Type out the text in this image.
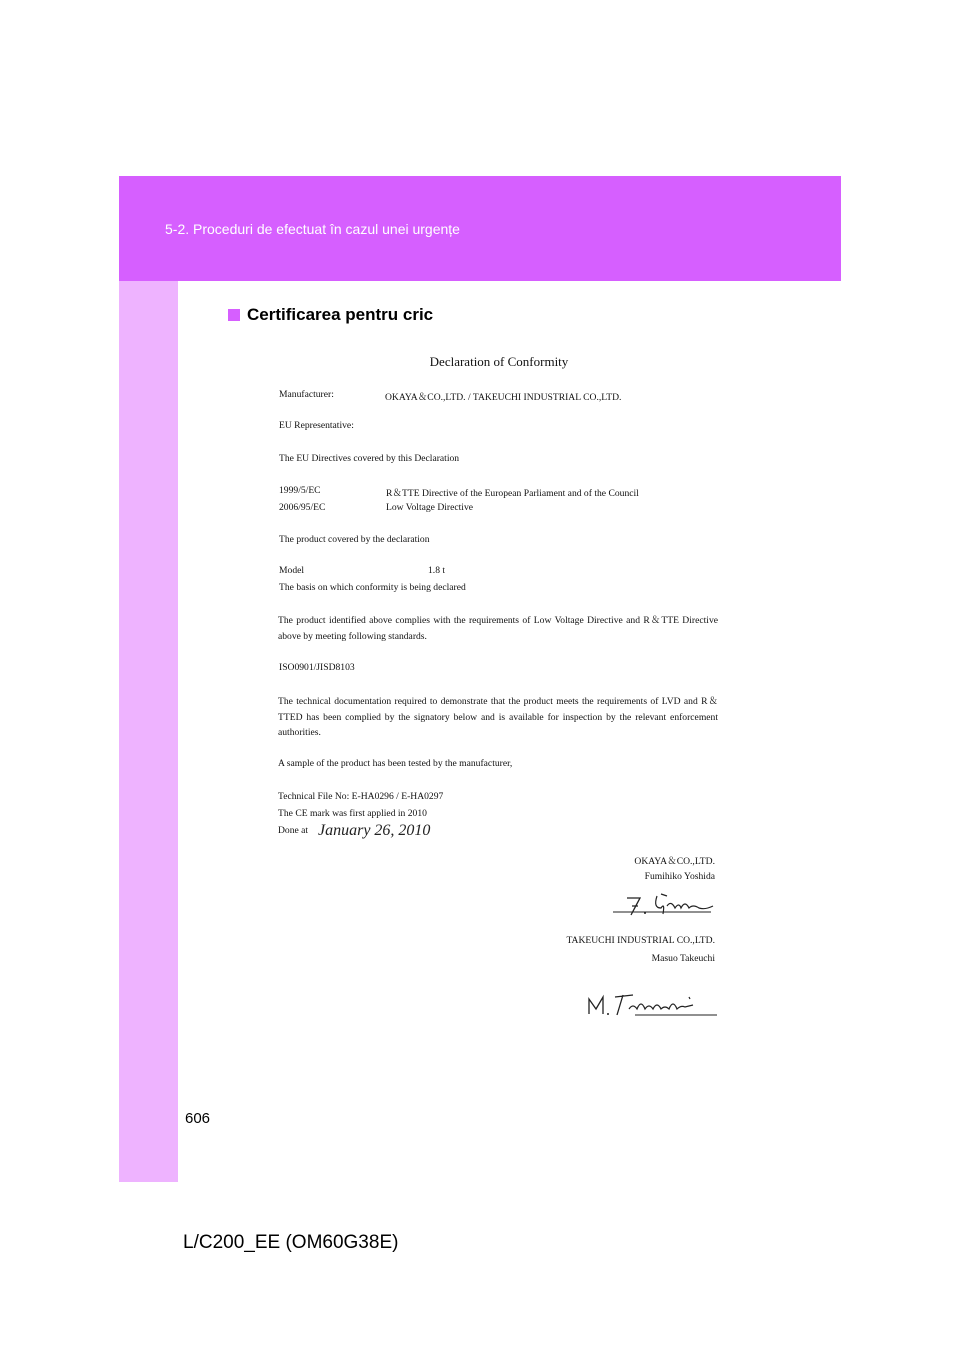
5-2. Proceduri de efectuat în cazul unei urgențe
Certificarea pentru cric
Declaration of Conformity
Manufacturer:	OKAYA＆CO.,LTD. / TAKEUCHI INDUSTRIAL CO.,LTD.
EU Representative:
The EU Directives covered by this Declaration
1999/5/EC	R＆TTE Directive of the European Parliament and of the Council
2006/95/EC	Low Voltage Directive
The product covered by the declaration
Model	1.8 t
The basis on which conformity is being declared
The product identified above complies with the requirements of Low Voltage Directive and R＆TTE Directive above by meeting following standards.
ISO0901/JISD8103
The technical documentation required to demonstrate that the product meets the requirements of LVD and R＆TTED has been complied by the signatory below and is available for inspection by the relevant enforcement authorities.
A sample of the product has been tested by the manufacturer,
Technical File No: E-HA0296 / E-HA0297
The CE mark was first applied in 2010
Done at January 26, 2010
OKAYA＆CO.,LTD.
Fumihiko Yoshida
TAKEUCHI INDUSTRIAL CO.,LTD.
Masuo Takeuchi
606
L/C200_EE (OM60G38E)
